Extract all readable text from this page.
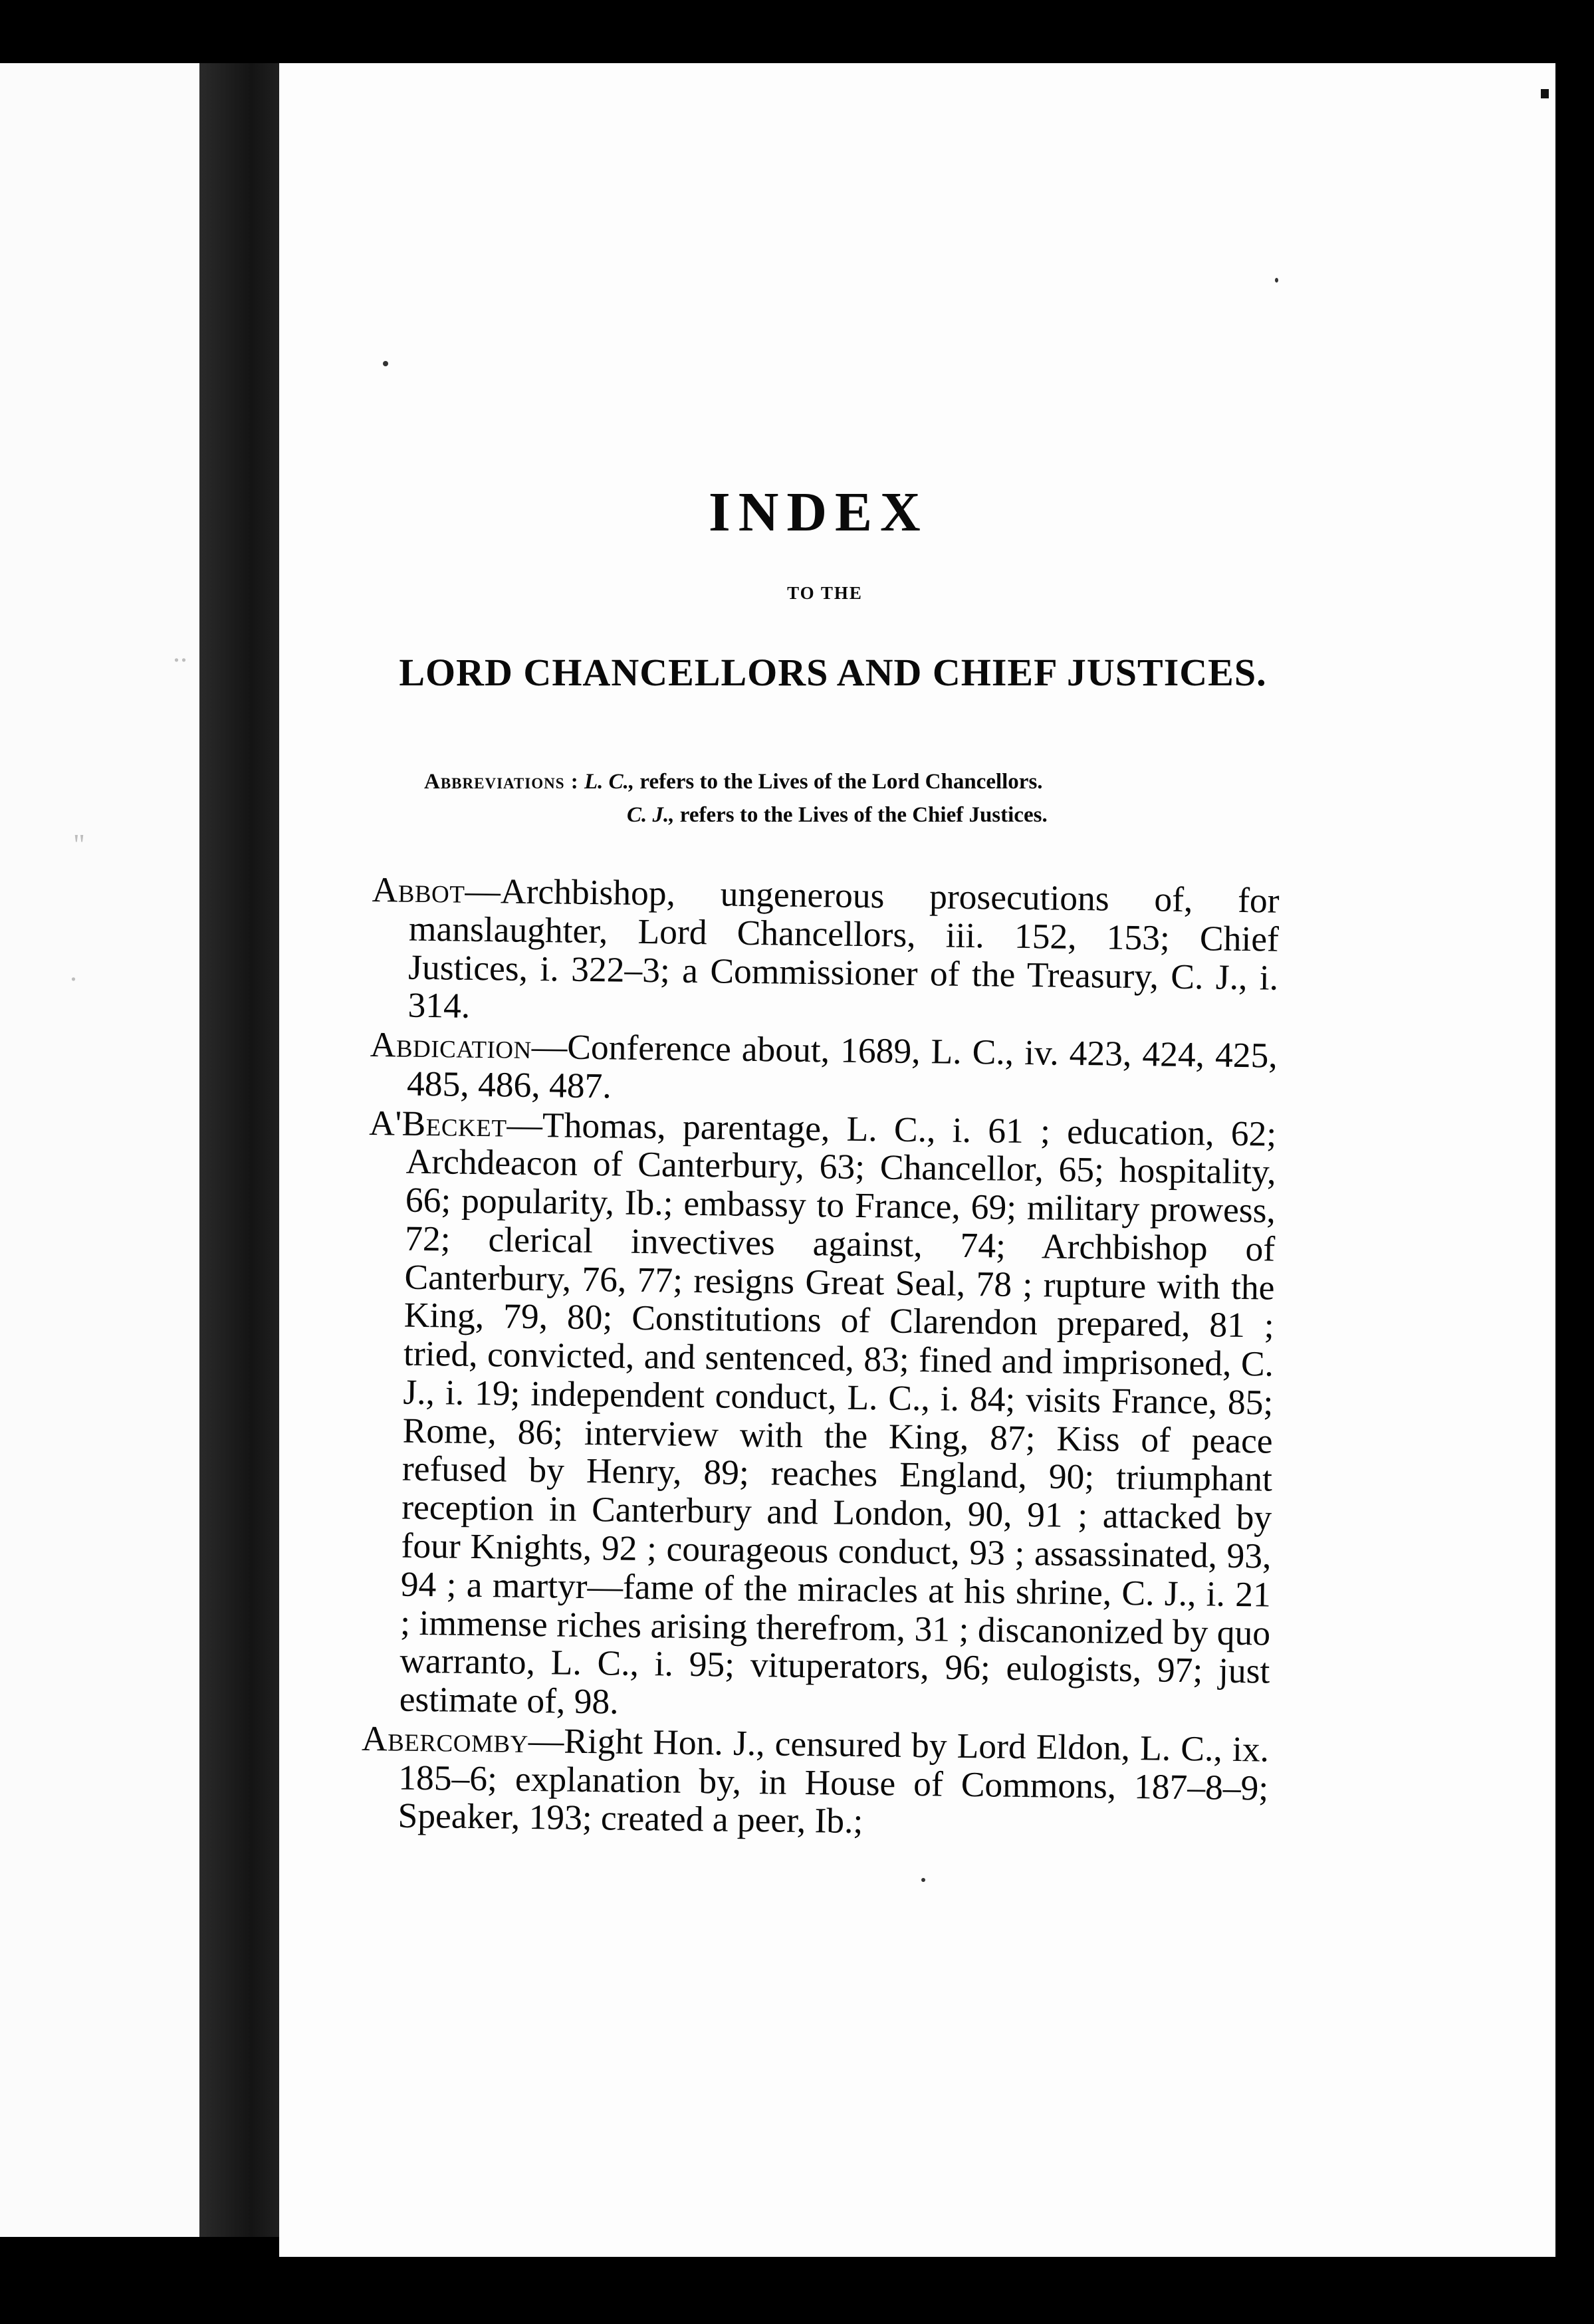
..
"
.
INDEX
TO THE
LORD CHANCELLORS AND CHIEF JUSTICES.
Abbreviations : L. C., refers to the Lives of the Lord Chancellors.
C. J., refers to the Lives of the Chief Justices.

Abbot—Archbishop, ungenerous prosecutions of, for manslaughter, Lord Chancellors, iii. 152, 153; Chief Justices, i. 322–3; a Commissioner of the Treasury, C. J., i. 314.

Abdication—Conference about, 1689, L. C., iv. 423, 424, 425, 485, 486, 487.

A'Becket—Thomas, parentage, L. C., i. 61 ; education, 62; Archdeacon of Canterbury, 63; Chancellor, 65; hospitality, 66; popularity, Ib.; embassy to France, 69; military prowess, 72; clerical invectives against, 74; Archbishop of Canterbury, 76, 77; resigns Great Seal, 78 ; rupture with the King, 79, 80; Constitutions of Clarendon prepared, 81 ; tried, convicted, and sentenced, 83; fined and imprisoned, C. J., i. 19; independent conduct, L. C., i. 84; visits France, 85; Rome, 86; interview with the King, 87; Kiss of peace refused by Henry, 89; reaches England, 90; triumphant reception in Canterbury and London, 90, 91 ; attacked by four Knights, 92 ; courageous conduct, 93 ; assassinated, 93, 94 ; a martyr—fame of the miracles at his shrine, C. J., i. 21 ; immense riches arising therefrom, 31 ; discanonized by quo warranto, L. C., i. 95; vituperators, 96; eulogists, 97; just estimate of, 98.

Abercomby—Right Hon. J., censured by Lord Eldon, L. C., ix. 185–6; explanation by, in House of Commons, 187–8–9; Speaker, 193; created a peer, Ib.;
